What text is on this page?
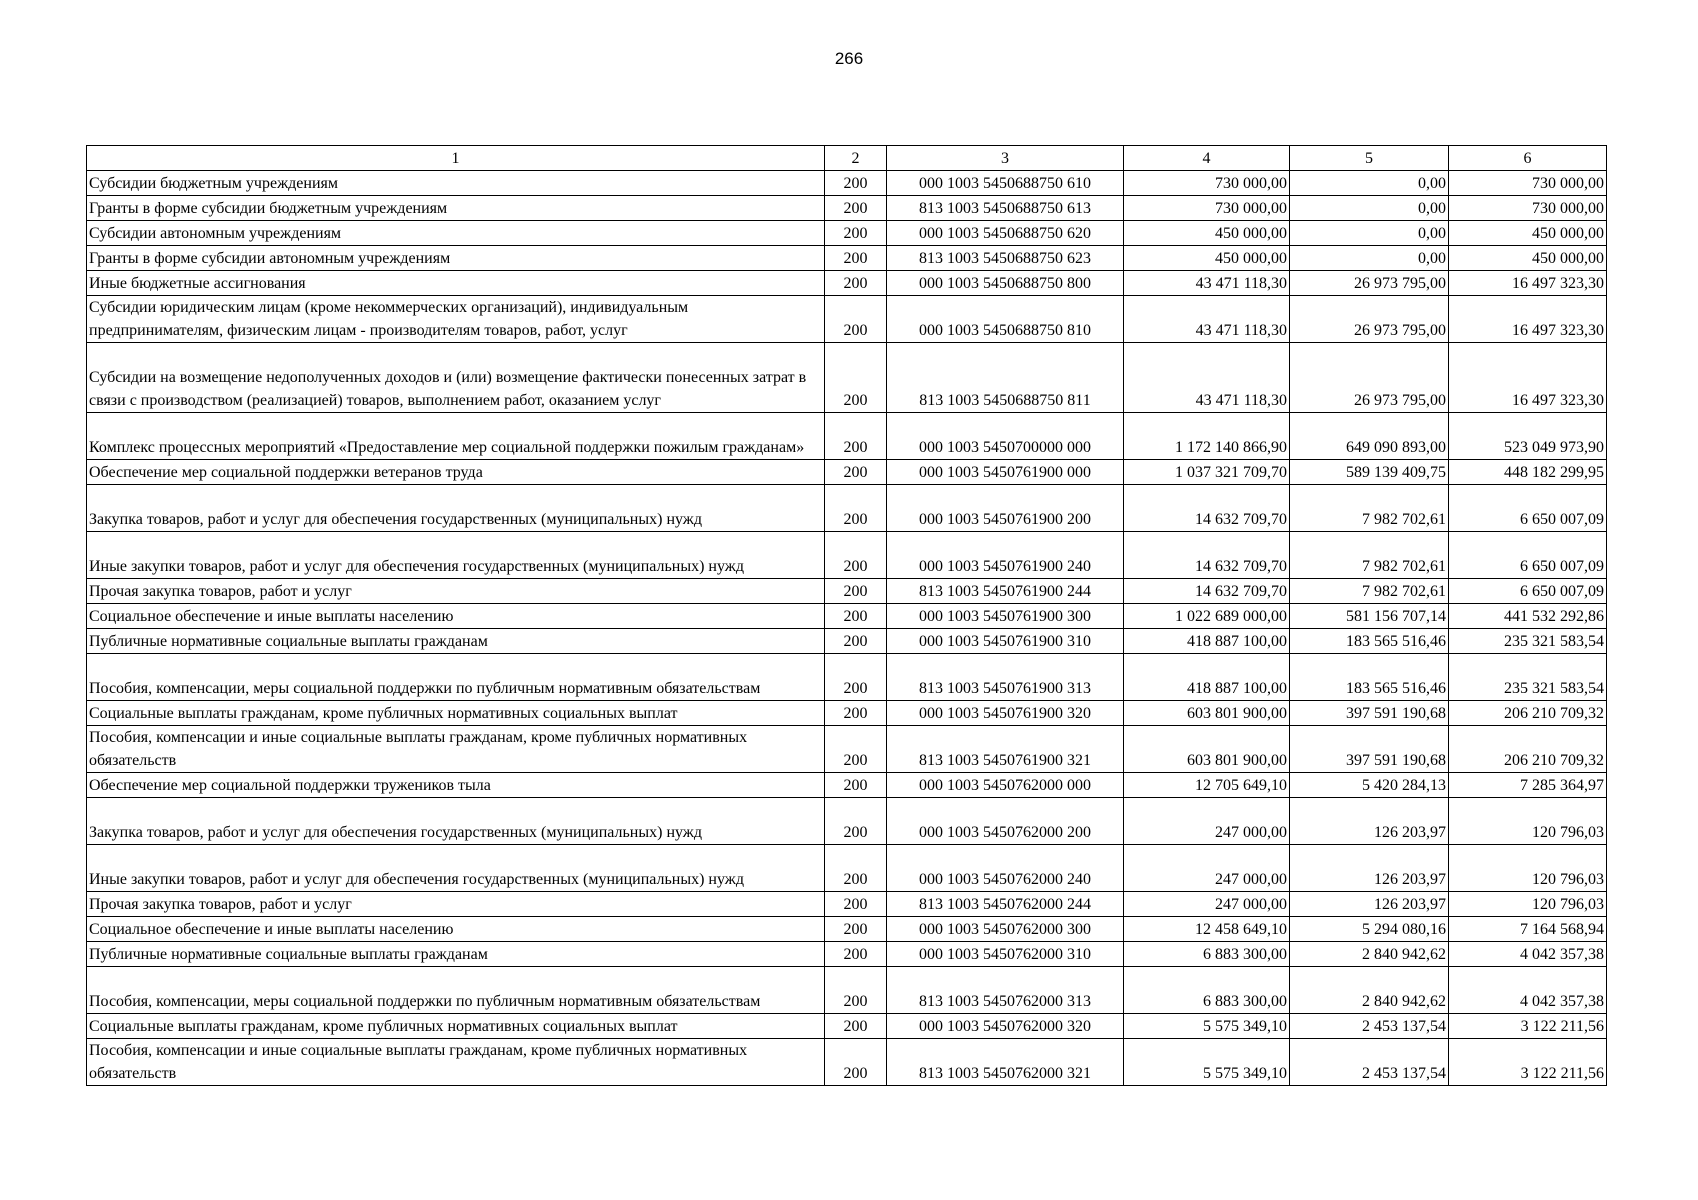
266
1	2	3	4	5	6
Субсидии бюджетным учреждениям	200	000 1003 5450688750 610	730 000,00	0,00	730 000,00
Гранты в форме субсидии бюджетным учреждениям	200	813 1003 5450688750 613	730 000,00	0,00	730 000,00
Субсидии автономным учреждениям	200	000 1003 5450688750 620	450 000,00	0,00	450 000,00
Гранты в форме субсидии автономным учреждениям	200	813 1003 5450688750 623	450 000,00	0,00	450 000,00
Иные бюджетные ассигнования	200	000 1003 5450688750 800	43 471 118,30	26 973 795,00	16 497 323,30
Субсидии юридическим лицам (кроме некоммерческих организаций), индивидуальным предпринимателям, физическим лицам - производителям товаров, работ, услуг	200	000 1003 5450688750 810	43 471 118,30	26 973 795,00	16 497 323,30
Субсидии на возмещение недополученных доходов и (или) возмещение фактически понесенных затрат в связи с производством (реализацией) товаров, выполнением работ, оказанием услуг	200	813 1003 5450688750 811	43 471 118,30	26 973 795,00	16 497 323,30
Комплекс процессных мероприятий «Предоставление мер социальной поддержки пожилым гражданам»	200	000 1003 5450700000 000	1 172 140 866,90	649 090 893,00	523 049 973,90
Обеспечение мер социальной поддержки ветеранов труда	200	000 1003 5450761900 000	1 037 321 709,70	589 139 409,75	448 182 299,95
Закупка товаров, работ и услуг для обеспечения государственных (муниципальных) нужд	200	000 1003 5450761900 200	14 632 709,70	7 982 702,61	6 650 007,09
Иные закупки товаров, работ и услуг для обеспечения государственных (муниципальных) нужд	200	000 1003 5450761900 240	14 632 709,70	7 982 702,61	6 650 007,09
Прочая закупка товаров, работ и услуг	200	813 1003 5450761900 244	14 632 709,70	7 982 702,61	6 650 007,09
Социальное обеспечение и иные выплаты населению	200	000 1003 5450761900 300	1 022 689 000,00	581 156 707,14	441 532 292,86
Публичные нормативные социальные выплаты гражданам	200	000 1003 5450761900 310	418 887 100,00	183 565 516,46	235 321 583,54
Пособия, компенсации, меры социальной поддержки по публичным нормативным обязательствам	200	813 1003 5450761900 313	418 887 100,00	183 565 516,46	235 321 583,54
Социальные выплаты гражданам, кроме публичных нормативных социальных выплат	200	000 1003 5450761900 320	603 801 900,00	397 591 190,68	206 210 709,32
Пособия, компенсации и иные социальные выплаты гражданам, кроме публичных нормативных обязательств	200	813 1003 5450761900 321	603 801 900,00	397 591 190,68	206 210 709,32
Обеспечение мер социальной поддержки тружеников тыла	200	000 1003 5450762000 000	12 705 649,10	5 420 284,13	7 285 364,97
Закупка товаров, работ и услуг для обеспечения государственных (муниципальных) нужд	200	000 1003 5450762000 200	247 000,00	126 203,97	120 796,03
Иные закупки товаров, работ и услуг для обеспечения государственных (муниципальных) нужд	200	000 1003 5450762000 240	247 000,00	126 203,97	120 796,03
Прочая закупка товаров, работ и услуг	200	813 1003 5450762000 244	247 000,00	126 203,97	120 796,03
Социальное обеспечение и иные выплаты населению	200	000 1003 5450762000 300	12 458 649,10	5 294 080,16	7 164 568,94
Публичные нормативные социальные выплаты гражданам	200	000 1003 5450762000 310	6 883 300,00	2 840 942,62	4 042 357,38
Пособия, компенсации, меры социальной поддержки по публичным нормативным обязательствам	200	813 1003 5450762000 313	6 883 300,00	2 840 942,62	4 042 357,38
Социальные выплаты гражданам, кроме публичных нормативных социальных выплат	200	000 1003 5450762000 320	5 575 349,10	2 453 137,54	3 122 211,56
Пособия, компенсации и иные социальные выплаты гражданам, кроме публичных нормативных обязательств	200	813 1003 5450762000 321	5 575 349,10	2 453 137,54	3 122 211,56
